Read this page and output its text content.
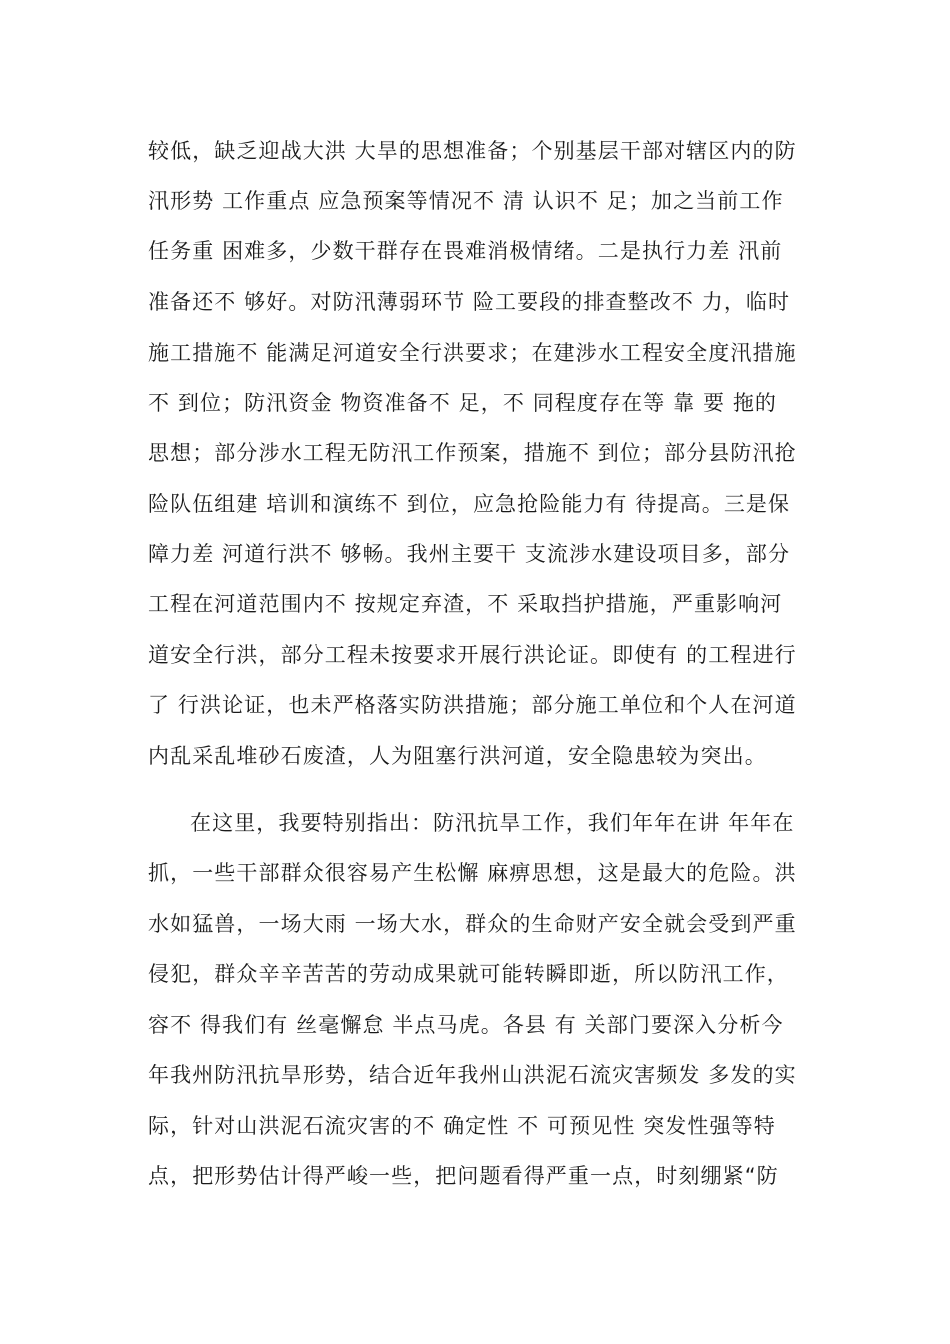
较低，缺乏迎战大洪 大旱的思想准备；个别基层干部对辖区内的防
汛形势 工作重点 应急预案等情况不 清 认识不 足；加之当前工作
任务重 困难多，少数干群存在畏难消极情绪。二是执行力差 汛前
准备还不 够好。对防汛薄弱环节 险工要段的排查整改不 力，临时
施工措施不 能满足河道安全行洪要求；在建涉水工程安全度汛措施
不 到位；防汛资金 物资准备不 足，不 同程度存在等 靠 要 拖的
思想；部分涉水工程无防汛工作预案，措施不 到位；部分县防汛抢
险队伍组建 培训和演练不 到位，应急抢险能力有 待提高。三是保
障力差 河道行洪不 够畅。我州主要干 支流涉水建设项目多，部分
工程在河道范围内不 按规定弃渣，不 采取挡护措施，严重影响河
道安全行洪，部分工程未按要求开展行洪论证。即使有 的工程进行
了 行洪论证，也未严格落实防洪措施；部分施工单位和个人在河道
内乱采乱堆砂石废渣，人为阻塞行洪河道，安全隐患较为突出。
在这里，我要特别指出：防汛抗旱工作，我们年年在讲 年年在
抓，一些干部群众很容易产生松懈 麻痹思想，这是最大的危险。洪
水如猛兽，一场大雨 一场大水，群众的生命财产安全就会受到严重
侵犯，群众辛辛苦苦的劳动成果就可能转瞬即逝，所以防汛工作，
容不 得我们有 丝毫懈怠 半点马虎。各县 有 关部门要深入分析今
年我州防汛抗旱形势，结合近年我州山洪泥石流灾害频发 多发的实
际，针对山洪泥石流灾害的不 确定性 不 可预见性 突发性强等特
点，把形势估计得严峻一些，把问题看得严重一点，时刻绷紧“防
